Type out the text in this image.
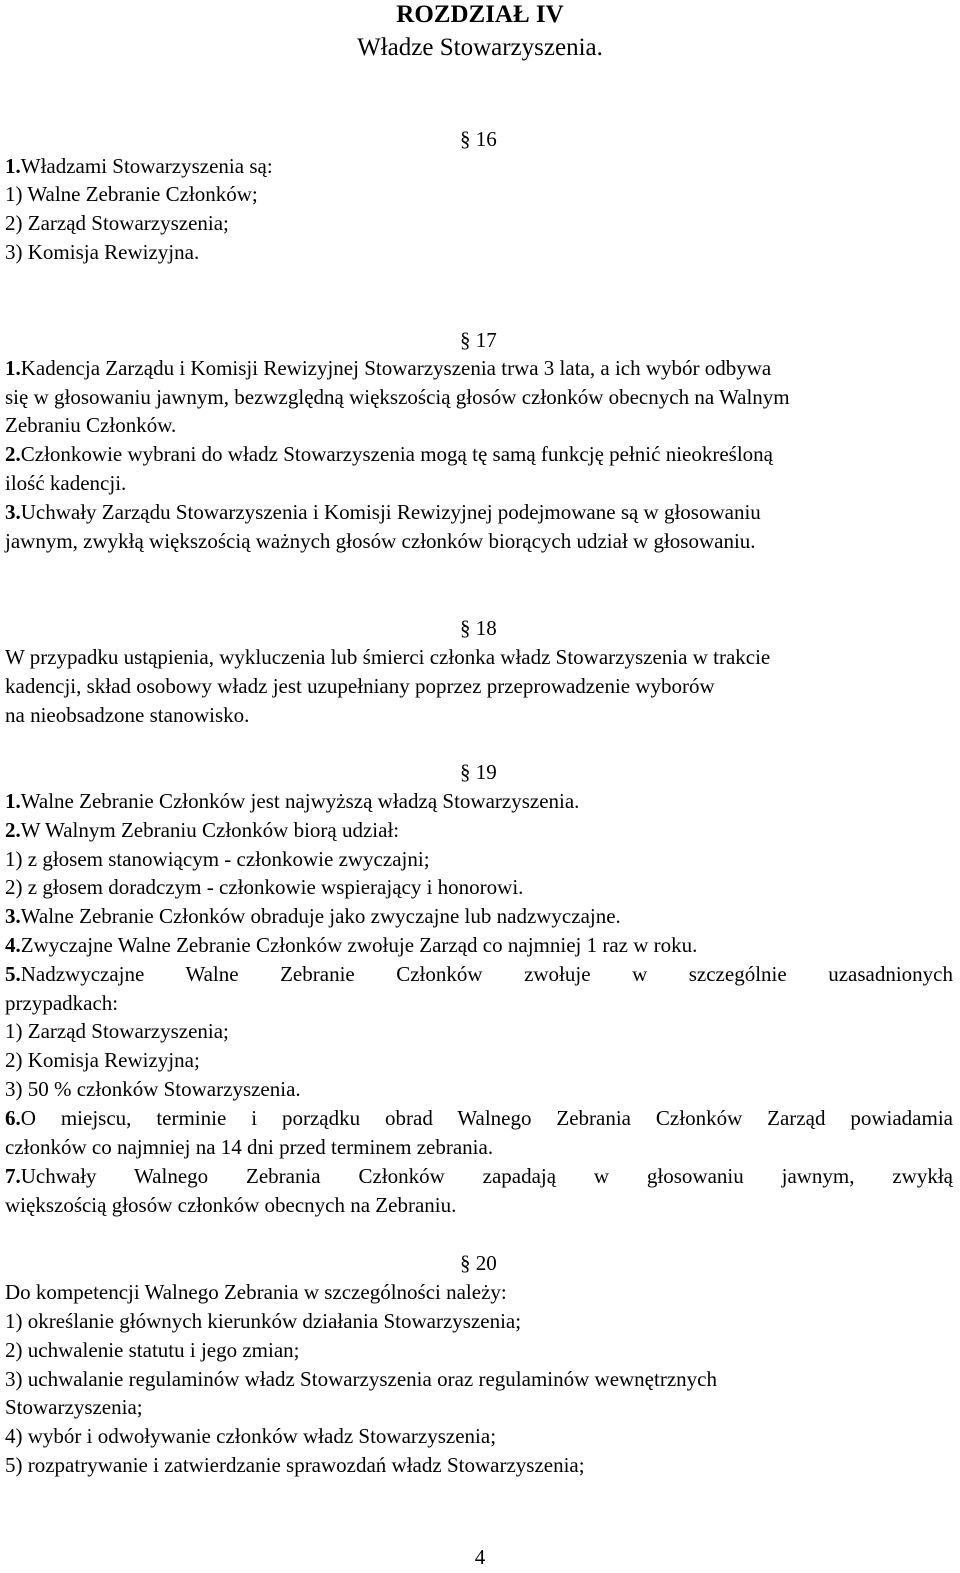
ROZDZIAŁ IV
Władze Stowarzyszenia.
§ 16
1.Władzami Stowarzyszenia są:
1) Walne Zebranie Członków;
2) Zarząd Stowarzyszenia;
3) Komisja Rewizyjna.
§ 17
1.Kadencja Zarządu i Komisji Rewizyjnej Stowarzyszenia trwa 3 lata, a ich wybór odbywa
się w głosowaniu jawnym, bezwzględną większością głosów członków obecnych na Walnym
Zebraniu Członków.
2.Członkowie wybrani do władz Stowarzyszenia mogą tę samą funkcję pełnić nieokreśloną
ilość kadencji.
3.Uchwały Zarządu Stowarzyszenia i Komisji Rewizyjnej podejmowane są w głosowaniu
jawnym, zwykłą większością ważnych głosów członków biorących udział w głosowaniu.
§ 18
W przypadku ustąpienia, wykluczenia lub śmierci członka władz Stowarzyszenia w trakcie
kadencji, skład osobowy władz jest uzupełniany poprzez przeprowadzenie wyborów
na nieobsadzone stanowisko.
§ 19
1.Walne Zebranie Członków jest najwyższą władzą Stowarzyszenia.
2.W Walnym Zebraniu Członków biorą udział:
1) z głosem stanowiącym - członkowie zwyczajni;
2) z głosem doradczym - członkowie wspierający i honorowi.
3.Walne Zebranie Członków obraduje jako zwyczajne lub nadzwyczajne.
4.Zwyczajne Walne Zebranie Członków zwołuje Zarząd co najmniej 1 raz w roku.
5.Nadzwyczajne Walne Zebranie Członków zwołuje w szczególnie uzasadnionych
przypadkach:
1) Zarząd Stowarzyszenia;
2) Komisja Rewizyjna;
3) 50 % członków Stowarzyszenia.
6.O miejscu, terminie i porządku obrad Walnego Zebrania Członków Zarząd powiadamia
członków co najmniej na 14 dni przed terminem zebrania.
7.Uchwały Walnego Zebrania Członków zapadają w głosowaniu jawnym, zwykłą
większością głosów członków obecnych na Zebraniu.
§ 20
Do kompetencji Walnego Zebrania w szczególności należy:
1) określanie głównych kierunków działania Stowarzyszenia;
2) uchwalenie statutu i jego zmian;
3) uchwalanie regulaminów władz Stowarzyszenia oraz regulaminów wewnętrznych
Stowarzyszenia;
4) wybór i odwoływanie członków władz Stowarzyszenia;
5) rozpatrywanie i zatwierdzanie sprawozdań władz Stowarzyszenia;
4
